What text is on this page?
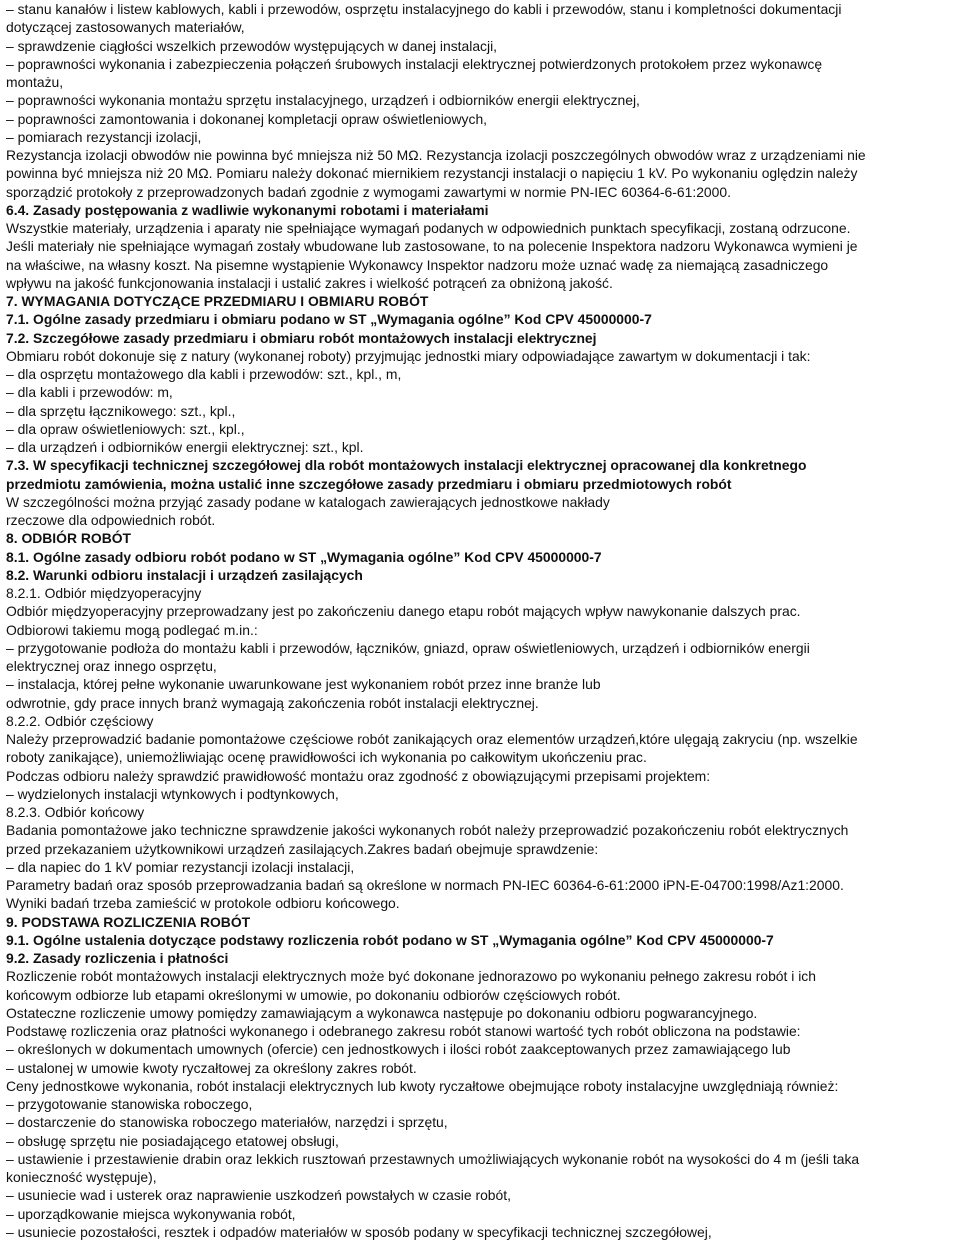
– stanu kanałów i listew kablowych, kabli i przewodów, osprzętu instalacyjnego do kabli i przewodów, stanu i kompletności dokumentacji

dotyczącej zastosowanych materiałów,

– sprawdzenie ciągłości wszelkich przewodów występujących w danej instalacji,

– poprawności wykonania i zabezpieczenia połączeń śrubowych instalacji elektrycznej potwierdzonych protokołem przez wykonawcę

montażu,

– poprawności wykonania montażu sprzętu instalacyjnego, urządzeń i odbiorników energii elektrycznej,

– poprawności zamontowania i dokonanej kompletacji opraw oświetleniowych,

– pomiarach rezystancji izolacji,

Rezystancja izolacji obwodów nie powinna być mniejsza niż 50 MΩ. Rezystancja izolacji poszczególnych obwodów wraz z urządzeniami nie

powinna być mniejsza niż 20 MΩ. Pomiaru należy dokonać miernikiem rezystancji instalacji o napięciu 1 kV. Po wykonaniu oględzin należy

sporządzić protokoły z przeprowadzonych badań zgodnie z wymogami zawartymi w normie PN-IEC 60364-6-61:2000.

6.4. Zasady postępowania z wadliwie wykonanymi robotami i materiałami

Wszystkie materiały, urządzenia i aparaty nie spełniające wymagań podanych w odpowiednich punktach specyfikacji, zostaną odrzucone.

Jeśli materiały nie spełniające wymagań zostały wbudowane lub zastosowane, to na polecenie Inspektora nadzoru Wykonawca wymieni je

na właściwe, na własny koszt. Na pisemne wystąpienie Wykonawcy Inspektor nadzoru może uznać wadę za niemającą zasadniczego

wpływu na jakość funkcjonowania instalacji i ustalić zakres i wielkość potrąceń za obniżoną jakość.

7. WYMAGANIA DOTYCZĄCE PRZEDMIARU I OBMIARU ROBÓT

7.1. Ogólne zasady przedmiaru i obmiaru podano w ST „Wymagania ogólne” Kod CPV 45000000-7

7.2. Szczegółowe zasady przedmiaru i obmiaru robót montażowych instalacji elektrycznej

Obmiaru robót dokonuje się z natury (wykonanej roboty) przyjmując jednostki miary odpowiadające zawartym w dokumentacji i tak:

– dla osprzętu montażowego dla kabli i przewodów: szt., kpl., m,

– dla kabli i przewodów: m,

– dla sprzętu łącznikowego: szt., kpl.,

– dla opraw oświetleniowych: szt., kpl.,

– dla urządzeń i odbiorników energii elektrycznej: szt., kpl.

7.3. W specyfikacji technicznej szczegółowej dla robót montażowych instalacji elektrycznej opracowanej dla konkretnego

przedmiotu zamówienia, można ustalić inne szczegółowe zasady przedmiaru i obmiaru przedmiotowych robót

W szczególności można przyjąć zasady podane w katalogach zawierających jednostkowe nakłady

rzeczowe dla odpowiednich robót.

8. ODBIÓR ROBÓT

8.1. Ogólne zasady odbioru robót podano w ST „Wymagania ogólne” Kod CPV 45000000-7

8.2. Warunki odbioru instalacji i urządzeń zasilających

8.2.1. Odbiór międzyoperacyjny

Odbiór międzyoperacyjny przeprowadzany jest po zakończeniu danego etapu robót mających wpływ nawykonanie dalszych prac.

Odbiorowi takiemu mogą podlegać m.in.:

– przygotowanie podłoża do montażu kabli i przewodów, łączników, gniazd, opraw oświetleniowych, urządzeń i odbiorników energii

elektrycznej oraz innego osprzętu,

– instalacja, której pełne wykonanie uwarunkowane jest wykonaniem robót przez inne branże lub

odwrotnie, gdy prace innych branż wymagają zakończenia robót instalacji elektrycznej.

8.2.2. Odbiór częściowy

Należy przeprowadzić badanie pomontażowe częściowe robót zanikających oraz elementów urządzeń,które ulęgają zakryciu (np. wszelkie

roboty zanikające), uniemożliwiając ocenę prawidłowości ich wykonania po całkowitym ukończeniu prac.

Podczas odbioru należy sprawdzić prawidłowość montażu oraz zgodność z obowiązującymi przepisami projektem:

– wydzielonych instalacji wtynkowych i podtynkowych,

8.2.3. Odbiór końcowy

Badania pomontażowe jako techniczne sprawdzenie jakości wykonanych robót należy przeprowadzić pozakończeniu robót elektrycznych

przed przekazaniem użytkownikowi urządzeń zasilających.Zakres badań obejmuje sprawdzenie:

– dla napiec do 1 kV pomiar rezystancji izolacji instalacji,

Parametry badań oraz sposób przeprowadzania badań są określone w normach PN-IEC 60364-6-61:2000 iPN-E-04700:1998/Az1:2000.

Wyniki badań trzeba zamieścić w protokole odbioru końcowego.

9. PODSTAWA ROZLICZENIA ROBÓT

9.1. Ogólne ustalenia dotyczące podstawy rozliczenia robót podano w ST „Wymagania ogólne” Kod CPV 45000000-7

9.2. Zasady rozliczenia i płatności

Rozliczenie robót montażowych instalacji elektrycznych może być dokonane jednorazowo po wykonaniu pełnego zakresu robót i ich

końcowym odbiorze lub etapami określonymi w umowie, po dokonaniu odbiorów częściowych robót.

Ostateczne rozliczenie umowy pomiędzy zamawiającym a wykonawca następuje po dokonaniu odbioru pogwarancyjnego.

Podstawę rozliczenia oraz płatności wykonanego i odebranego zakresu robót stanowi wartość tych robót obliczona na podstawie:

– określonych w dokumentach umownych (ofercie) cen jednostkowych i ilości robót zaakceptowanych przez zamawiającego lub

– ustalonej w umowie kwoty ryczałtowej za określony zakres robót.

Ceny jednostkowe wykonania, robót instalacji elektrycznych lub kwoty ryczałtowe obejmujące roboty instalacyjne uwzględniają również:

– przygotowanie stanowiska roboczego,

– dostarczenie do stanowiska roboczego materiałów, narzędzi i sprzętu,

– obsługę sprzętu nie posiadającego etatowej obsługi,

– ustawienie i przestawienie drabin oraz lekkich rusztowań przestawnych umożliwiających wykonanie robót na wysokości do 4 m (jeśli taka

konieczność występuje),

– usuniecie wad i usterek oraz naprawienie uszkodzeń powstałych w czasie robót,

– uporządkowanie miejsca wykonywania robót,

– usuniecie pozostałości, resztek i odpadów materiałów w sposób podany w specyfikacji technicznej szczegółowej,
